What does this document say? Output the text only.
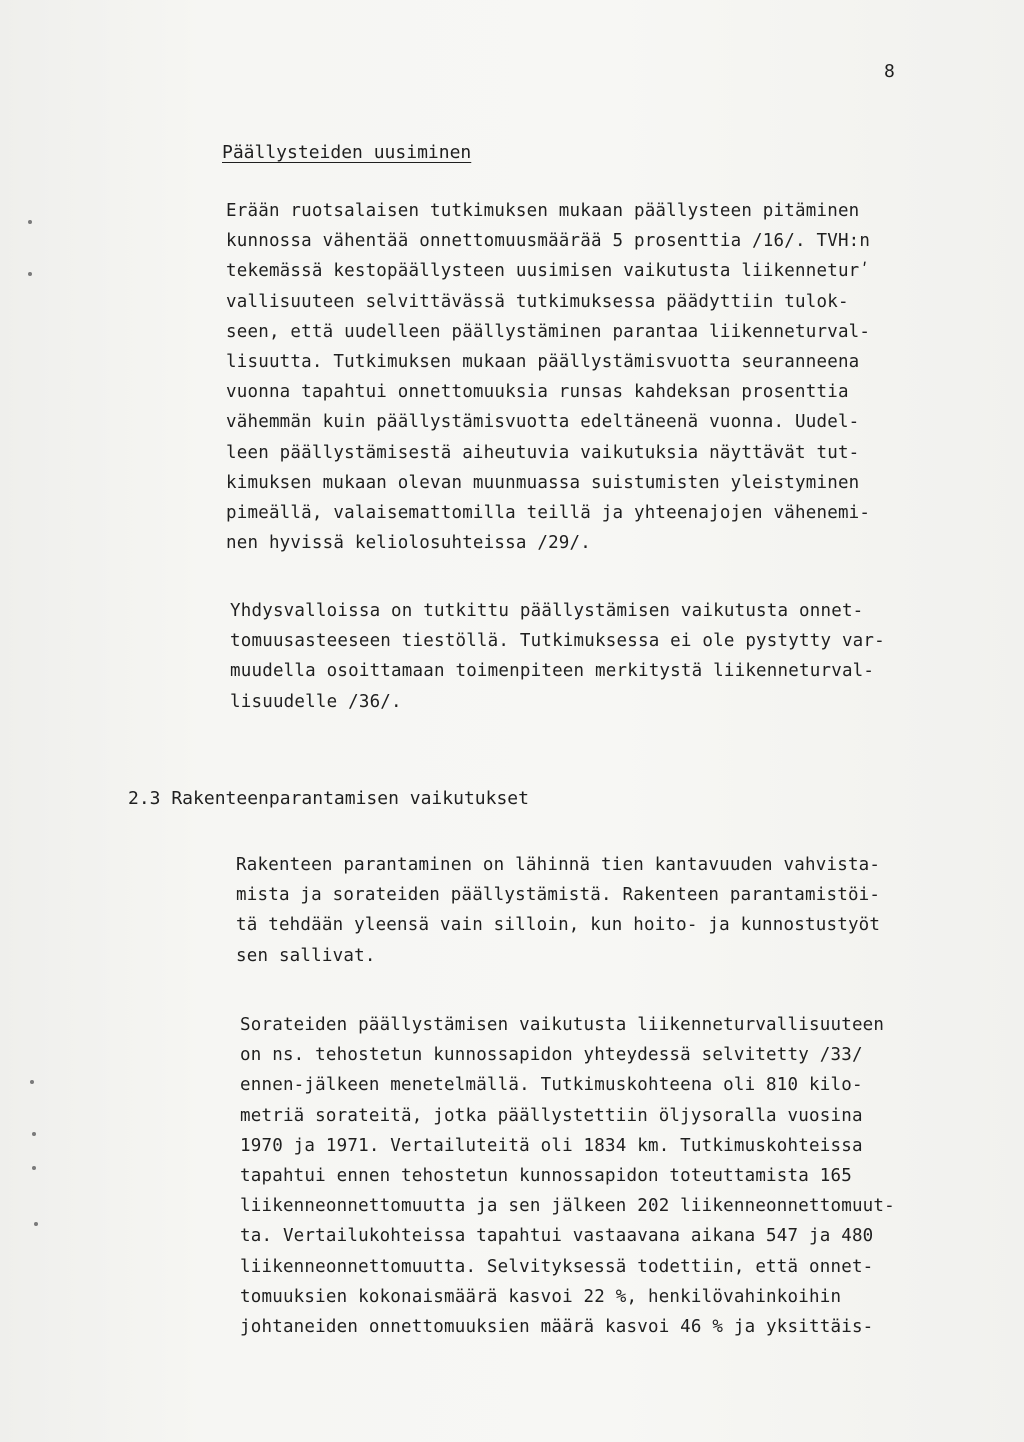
8
Päällysteiden uusiminen

Erään ruotsalaisen tutkimuksen mukaan päällysteen pitäminen
kunnossa vähentää onnettomuusmäärää 5 prosenttia /16/. TVH:n
tekemässä kestopäällysteen uusimisen vaikutusta liikenneturʹ
vallisuuteen selvittävässä tutkimuksessa päädyttiin tulok-
seen, että uudelleen päällystäminen parantaa liikenneturval-
lisuutta. Tutkimuksen mukaan päällystämisvuotta seuranneena
vuonna tapahtui onnettomuuksia runsas kahdeksan prosenttia
vähemmän kuin päällystämisvuotta edeltäneenä vuonna. Uudel-
leen päällystämisestä aiheutuvia vaikutuksia näyttävät tut-
kimuksen mukaan olevan muunmuassa suistumisten yleistyminen
pimeällä, valaisemattomilla teillä ja yhteenajojen vähenemi-
nen hyvissä keliolosuhteissa /29/.

Yhdysvalloissa on tutkittu päällystämisen vaikutusta onnet-
tomuusasteeseen tiestöllä. Tutkimuksessa ei ole pystytty var-
muudella osoittamaan toimenpiteen merkitystä liikenneturval-
lisuudelle /36/.

2.3 Rakenteenparantamisen vaikutukset

Rakenteen parantaminen on lähinnä tien kantavuuden vahvista-
mista ja sorateiden päällystämistä. Rakenteen parantamistöi-
tä tehdään yleensä vain silloin, kun hoito- ja kunnostustyöt
sen sallivat.

Sorateiden päällystämisen vaikutusta liikenneturvallisuuteen
on ns. tehostetun kunnossapidon yhteydessä selvitetty /33/
ennen-jälkeen menetelmällä. Tutkimuskohteena oli 810 kilo-
metriä sorateitä, jotka päällystettiin öljysoralla vuosina
1970 ja 1971. Vertailuteitä oli 1834 km. Tutkimuskohteissa
tapahtui ennen tehostetun kunnossapidon toteuttamista 165
liikenneonnettomuutta ja sen jälkeen 202 liikenneonnettomuut-
ta. Vertailukohteissa tapahtui vastaavana aikana 547 ja 480
liikenneonnettomuutta. Selvityksessä todettiin, että onnet-
tomuuksien kokonaismäärä kasvoi 22 %, henkilövahinkoihin
johtaneiden onnettomuuksien määrä kasvoi 46 % ja yksittäis-
